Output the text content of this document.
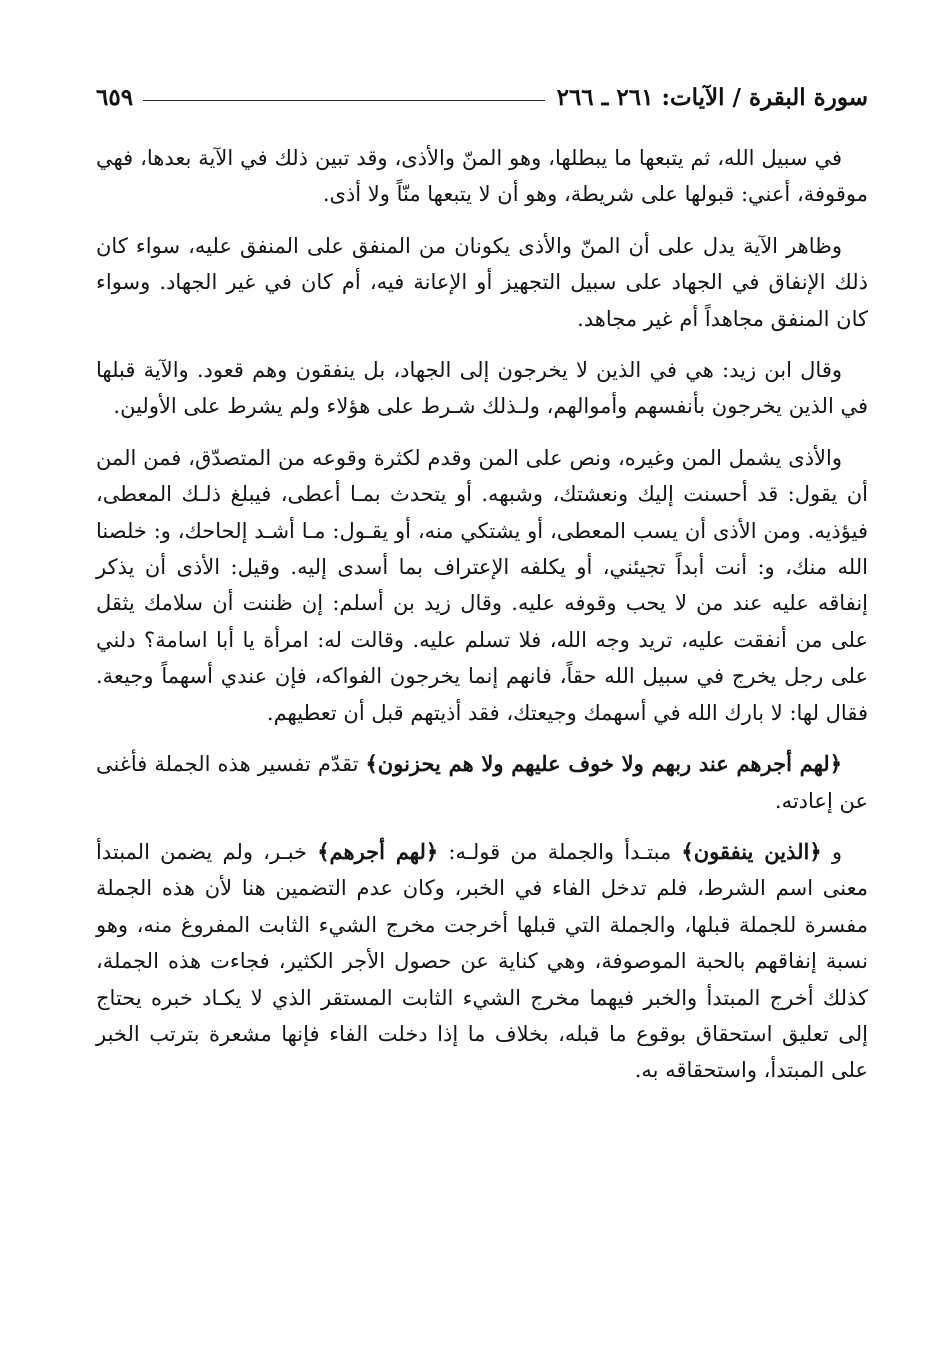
سورة البقرة / الآيات: ٢٦١ ـ ٢٦٦
٦٥٩

في سبيل الله، ثم يتبعها ما يبطلها، وهو المنّ والأذى، وقد تبين ذلك في الآية بعدها، فهي موقوفة، أعني: قبولها على شريطة، وهو أن لا يتبعها منّاً ولا أذى.

وظاهر الآية يدل على أن المنّ والأذى يكونان من المنفق على المنفق عليه، سواء كان ذلك الإنفاق في الجهاد على سبيل التجهيز أو الإعانة فيه، أم كان في غير الجهاد. وسواء كان المنفق مجاهداً أم غير مجاهد.

وقال ابن زيد: هي في الذين لا يخرجون إلى الجهاد، بل ينفقون وهم قعود. والآية قبلها في الذين يخرجون بأنفسهم وأموالهم، ولـذلك شـرط على هؤلاء ولم يشرط على الأولين.

والأذى يشمل المن وغيره، ونص على المن وقدم لكثرة وقوعه من المتصدّق، فمن المن أن يقول: قد أحسنت إليك ونعشتك، وشبهه. أو يتحدث بمـا أعطى، فيبلغ ذلـك المعطى، فيؤذيه. ومن الأذى أن يسب المعطى، أو يشتكي منه، أو يقـول: مـا أشـد إلحاحك، و: خلصنا الله منك، و: أنت أبداً تجيئني، أو يكلفه الإعتراف بما أسدى إليه. وقيل: الأذى أن يذكر إنفاقه عليه عند من لا يحب وقوفه عليه. وقال زيد بن أسلم: إن ظننت أن سلامك يثقل على من أنفقت عليه، تريد وجه الله، فلا تسلم عليه. وقالت له: امرأة يا أبا اسامة؟ دلني على رجل يخرج في سبيل الله حقاً، فانهم إنما يخرجون الفواكه، فإن عندي أسهماً وجيعة. فقال لها: لا بارك الله في أسهمك وجيعتك، فقد أذيتهم قبل أن تعطيهم.

﴿لهم أجرهم عند ربهم ولا خوف عليهم ولا هم يحزنون﴾ تقدّم تفسير هذه الجملة فأغنى عن إعادته.

و ﴿الذين ينفقون﴾ مبتـدأ والجملة من قولـه: ﴿لهم أجرهم﴾ خبـر، ولم يضمن المبتدأ معنى اسم الشرط، فلم تدخل الفاء في الخبر، وكان عدم التضمين هنا لأن هذه الجملة مفسرة للجملة قبلها، والجملة التي قبلها أخرجت مخرج الشيء الثابت المفروغ منه، وهو نسبة إنفاقهم بالحبة الموصوفة، وهي كناية عن حصول الأجر الكثير، فجاءت هذه الجملة، كذلك أخرج المبتدأ والخبر فيهما مخرج الشيء الثابت المستقر الذي لا يكـاد خبره يحتاج إلى تعليق استحقاق بوقوع ما قبله، بخلاف ما إذا دخلت الفاء فإنها مشعرة بترتب الخبر على المبتدأ، واستحقاقه به.
